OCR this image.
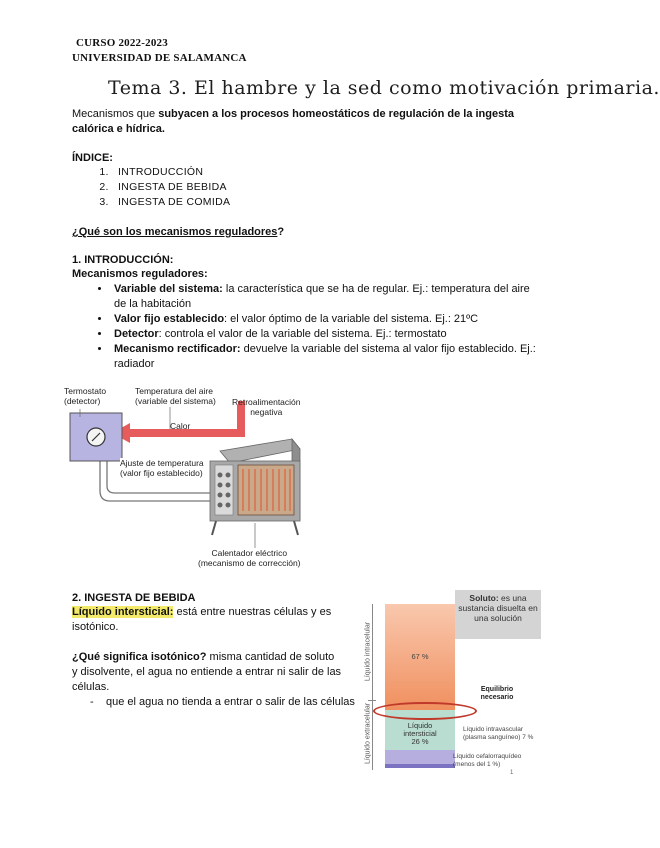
CURSO 2022-2023
UNIVERSIDAD DE SALAMANCA
Tema 3. El hambre y la sed como motivación primaria.
Mecanismos que subyacen a los procesos homeostáticos de regulación de la ingesta calórica e hídrica.
ÍNDICE:
1. INTRODUCCIÓN
2. INGESTA DE BEBIDA
3. INGESTA DE COMIDA
¿Qué son los mecanismos reguladores?
1. INTRODUCCIÓN:
Mecanismos reguladores:
• Variable del sistema: la característica que se ha de regular. Ej.: temperatura del aire de la habitación
• Valor fijo establecido: el valor óptimo de la variable del sistema. Ej.: 21ºC
• Detector: controla el valor de la variable del sistema. Ej.: termostato
• Mecanismo rectificador: devuelve la variable del sistema al valor fijo establecido. Ej.: radiador
Termostato
(detector)
Temperatura del aire
(variable del sistema) Retroalimentación
negativa
Calor
Ajuste de temperatura
(valor fijo establecido)
Calentador eléctrico
(mecanismo de corrección)
2. INGESTA DE BEBIDA
Líquido intersticial: está entre nuestras células y es isotónico.
¿Qué significa isotónico? misma cantidad de soluto y disolvente, el agua no entiende a entrar ni salir de las células.
- que el agua no tienda a entrar o salir de las células
Soluto: es una sustancia disuelta en una solución
Líquido intracelular
Líquido extracelular
67 %
Líquido
intersticial
26 %
Equilibrio
necesario
Líquido intravascular
(plasma sanguíneo) 7 %
Líquido cefalorraquídeo
(menos del 1 %)
1
